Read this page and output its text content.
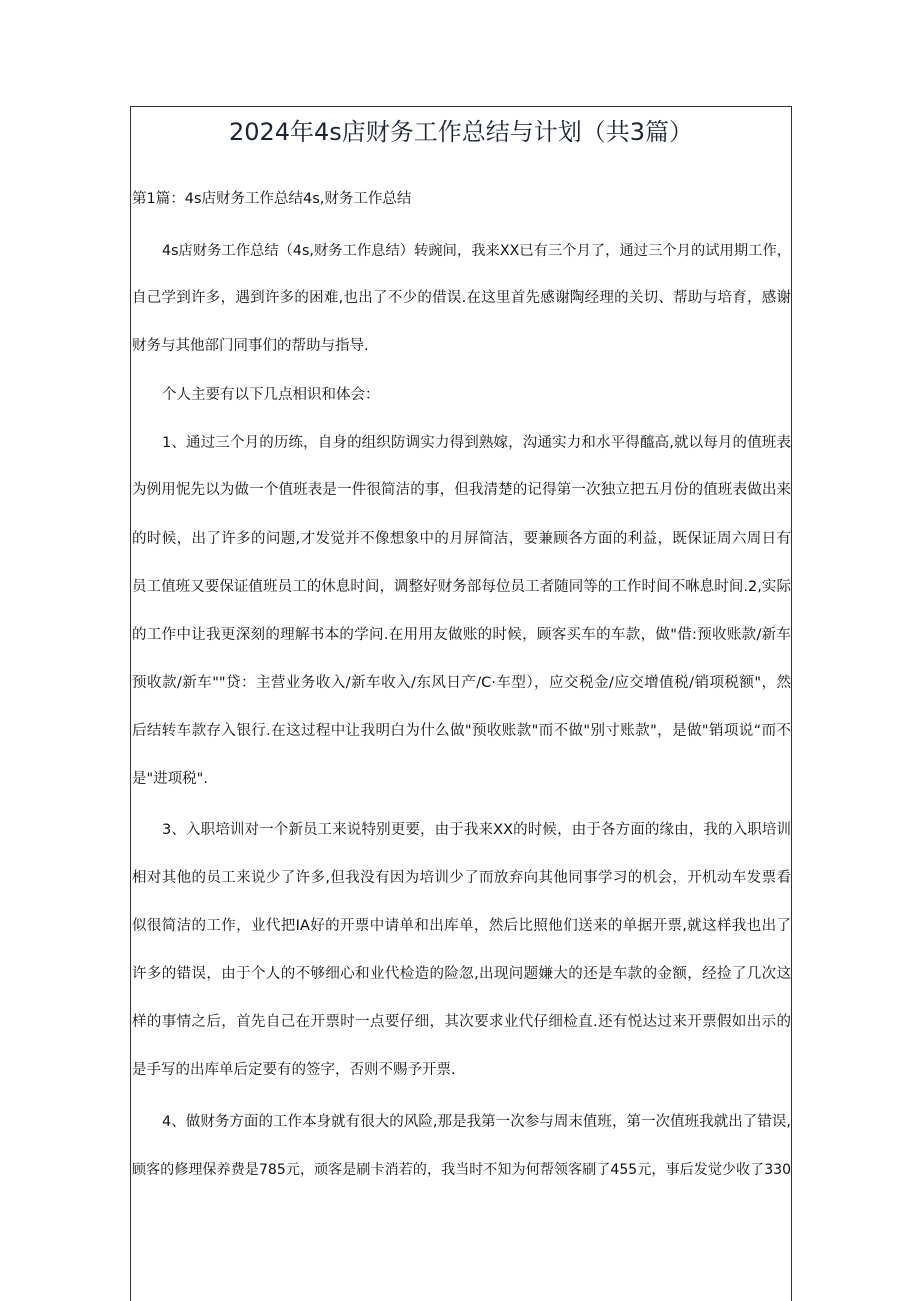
2024年4s店财务工作总结与计划（共3篇）
第1篇：4s店财务工作总结4s,财务工作总结
4s店财务工作总结（4s,财务工作息结）转豌间，我来XX已有三个月了，通过三个月的试用期工作，
自己学到许多，遇到许多的困难,也出了不少的借误.在这里首先感谢陶经理的关切、帮助与培育，感谢
财务与其他部门同事们的帮助与指导.
个人主要有以下几点相识和体会：
1、通过三个月的历练，自身的组织防调实力得到熟嫁，沟通实力和水平得醯高,就以每月的值班表
为例用怩先以为做一个值班表是一件很简洁的事，但我清楚的记得第一次独立把五月份的值班表做出来
的时候，出了许多的问题,才发觉并不像想象中的月屏简洁，要兼顾各方面的利益，既保证周六周日有
员工值班又要保证值班员工的休息时间，调整好财务部每位员工者随同等的工作时间不咻息时间.2,实际
的工作中让我更深刻的理解书本的学问.在用用友做账的时候，顾客买车的车款，做"借:预收账款/新车
预收款/新车""贷：主营业务收入/新车收入/东风日产/C·车型），应交税金/应交增值税/销项税额"，然
后结转车款存入银行.在这过程中让我明白为什么做"预收账款"而不做"别寸账款"，是做"销项说“而不
是"进项税".
3、入职培训对一个新员工来说特别更要，由于我来XX的时候，由于各方面的缘由，我的入职培训
相对其他的员工来说少了许多,但我没有因为培训少了而放弃向其他同事学习的机会，开机动车发票看
似很简洁的工作，业代把IA好的开票中请单和出库单，然后比照他们送来的单据开票,就这样我也出了
许多的错误，由于个人的不够细心和业代检造的险忽,出现问题嫌大的还是车款的金额，经捡了几次这
样的事情之后，首先自己在开票时一点要仔细，其次要求业代仔细检直.还有悦达过来开票假如出示的
是手写的出库单后定要有的签字，否则不赐予开票.
4、做财务方面的工作本身就有很大的风险,那是我第一次参与周末值班，第一次值班我就出了错误,
顾客的修理保养费是785元，顽客是刷卡消若的，我当时不知为何帮领客刷了455元，事后发觉少收了330
